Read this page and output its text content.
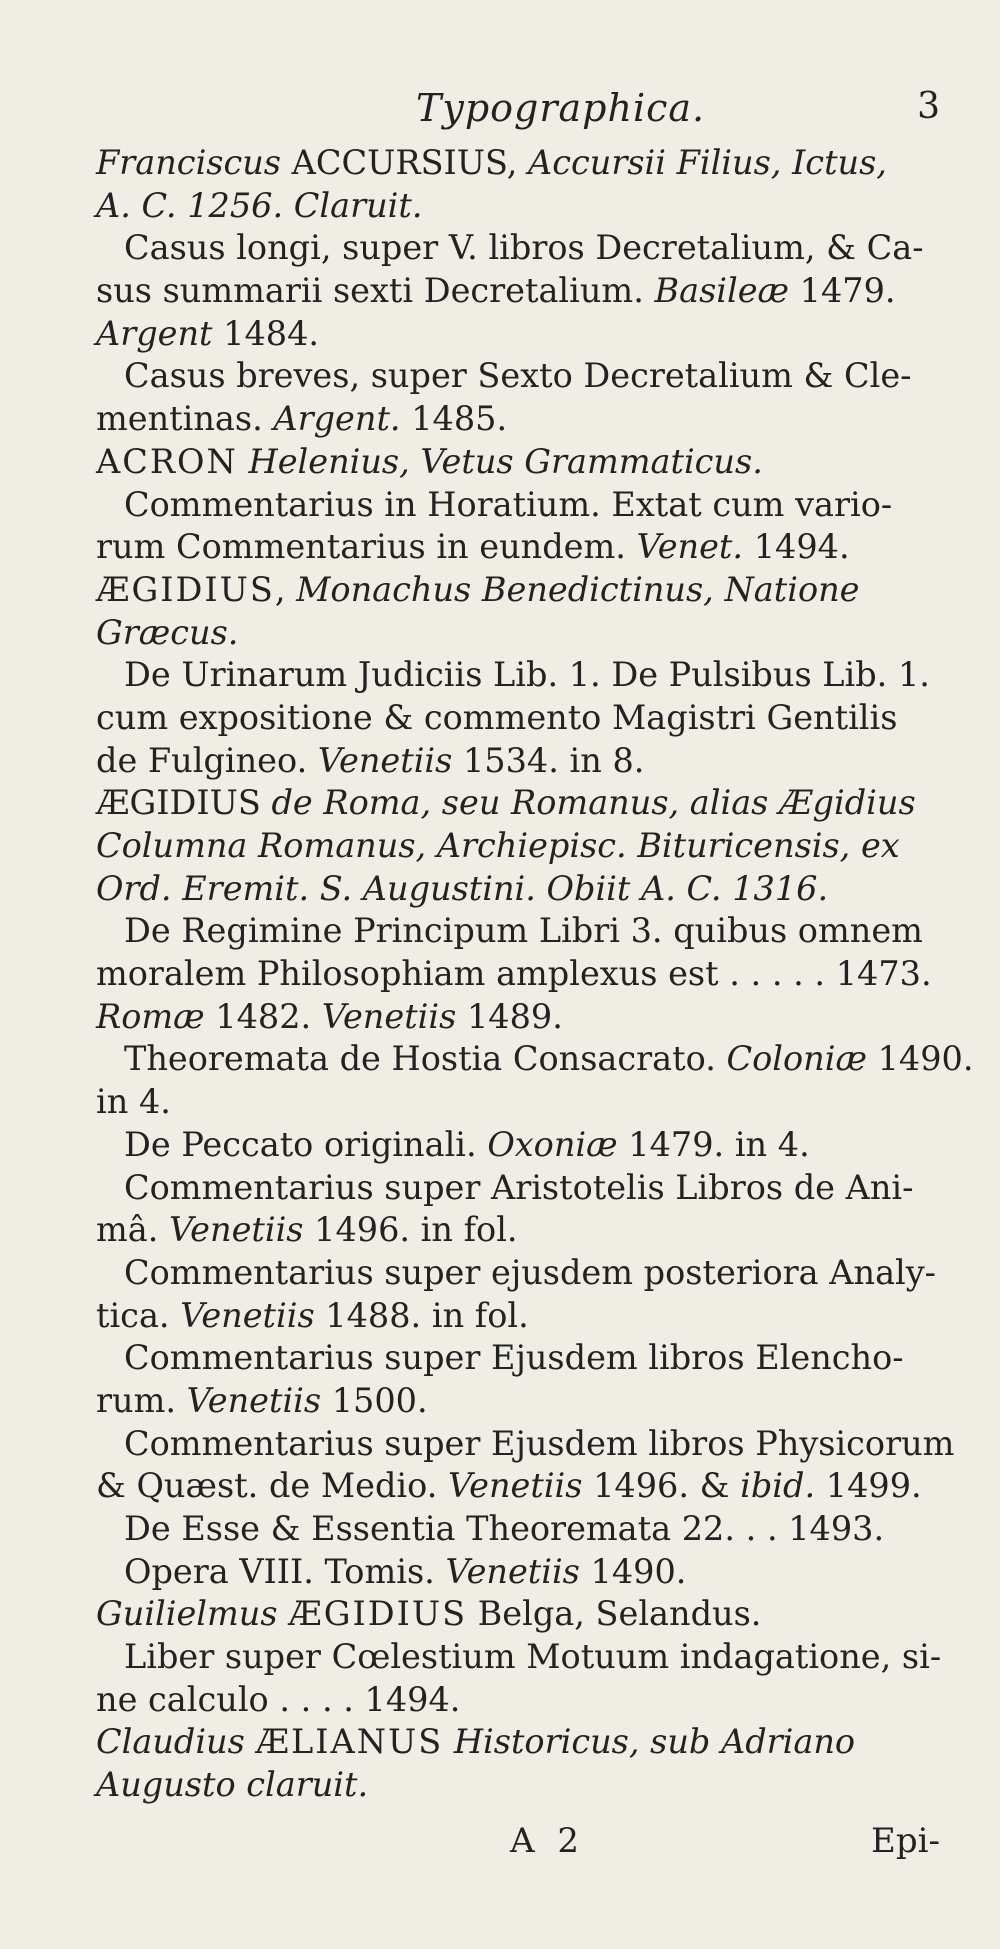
Typographica.	3
Franciscus ACCURSIUS, Accursii Filius, Ictus,
A. C. 1256. Claruit.
Casus longi, super V. libros Decretalium, & Ca-
sus summarii sexti Decretalium. Basileæ 1479.
Argent 1484.
Casus breves, super Sexto Decretalium & Cle-
mentinas. Argent. 1485.
ACRON Helenius, Vetus Grammaticus.
Commentarius in Horatium. Extat cum vario-
rum Commentarius in eundem. Venet. 1494.
ÆGIDIUS, Monachus Benedictinus, Natione
Græcus.
De Urinarum Judiciis Lib. 1. De Pulsibus Lib. 1.
cum expositione & commento Magistri Gentilis
de Fulgineo. Venetiis 1534. in 8.
ÆGIDIUS de Roma, seu Romanus, alias Ægidius
Columna Romanus, Archiepisc. Bituricensis, ex
Ord. Eremit. S. Augustini. Obiit A. C. 1316.
De Regimine Principum Libri 3. quibus omnem
moralem Philosophiam amplexus est . . . . . 1473.
Romæ 1482. Venetiis 1489.
Theoremata de Hostia Consacrato. Coloniæ 1490.
in 4.
De Peccato originali. Oxoniæ 1479. in 4.
Commentarius super Aristotelis Libros de Ani-
mâ. Venetiis 1496. in fol.
Commentarius super ejusdem posteriora Analy-
tica. Venetiis 1488. in fol.
Commentarius super Ejusdem libros Elencho-
rum. Venetiis 1500.
Commentarius super Ejusdem libros Physicorum
& Quæst. de Medio. Venetiis 1496. & ibid. 1499.
De Esse & Essentia Theoremata 22. . . 1493.
Opera VIII. Tomis. Venetiis 1490.
Guilielmus ÆGIDIUS Belga, Selandus.
Liber super Cœlestium Motuum indagatione, si-
ne calculo . . . . 1494.
Claudius ÆLIANUS Historicus, sub Adriano
Augusto claruit.
A 2	Epi-
